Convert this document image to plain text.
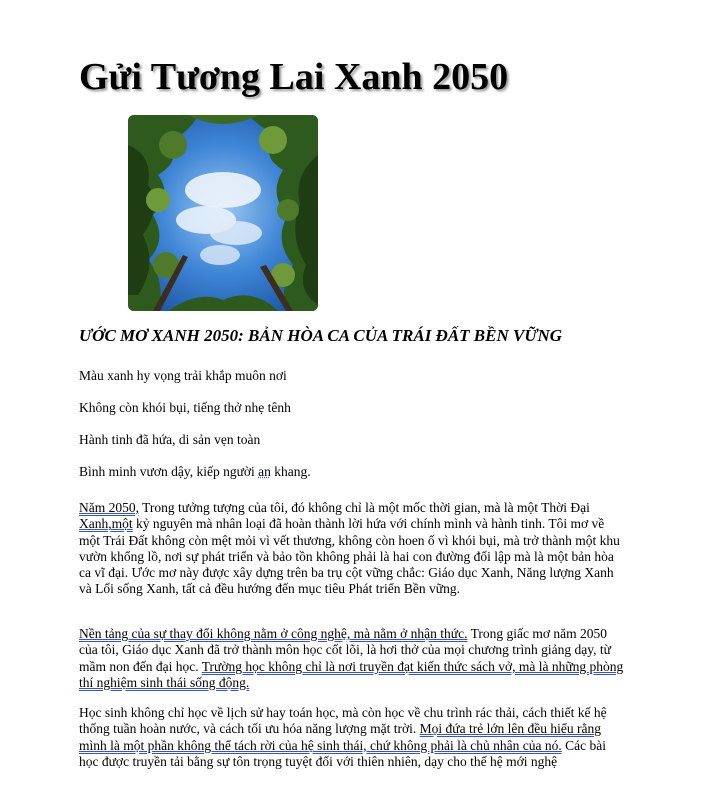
Gửi Tương Lai Xanh 2050
ƯỚC MƠ XANH 2050: BẢN HÒA CA CỦA TRÁI ĐẤT BỀN VỮNG
Màu xanh hy vọng trải khắp muôn nơi
Không còn khói bụi, tiếng thở nhẹ tênh
Hành tinh đã hứa, di sản vẹn toàn
Bình minh vươn dậy, kiếp người an khang.

Năm 2050, Trong tưởng tượng của tôi, đó không chỉ là một mốc thời gian, mà là một Thời Đại Xanh,một kỷ nguyên mà nhân loại đã hoàn thành lời hứa với chính mình và hành tinh. Tôi mơ về một Trái Đất không còn mệt mỏi vì vết thương, không còn hoen ố vì khói bụi, mà trở thành một khu vườn khổng lồ, nơi sự phát triển và bảo tồn không phải là hai con đường đối lập mà là một bản hòa ca vĩ đại. Ước mơ này được xây dựng trên ba trụ cột vững chắc: Giáo dục Xanh, Năng lượng Xanh và Lối sống Xanh, tất cả đều hướng đến mục tiêu Phát triển Bền vững.

Nền tảng của sự thay đổi không nằm ở công nghệ, mà nằm ở nhận thức. Trong giấc mơ năm 2050 của tôi, Giáo dục Xanh đã trở thành môn học cốt lõi, là hơi thở của mọi chương trình giảng dạy, từ mầm non đến đại học. Trường học không chỉ là nơi truyền đạt kiến thức sách vở, mà là những phòng thí nghiệm sinh thái sống động.

Học sinh không chỉ học về lịch sử hay toán học, mà còn học về chu trình rác thải, cách thiết kế hệ thống tuần hoàn nước, và cách tối ưu hóa năng lượng mặt trời. Mọi đứa trẻ lớn lên đều hiểu rằng mình là một phần không thể tách rời của hệ sinh thái, chứ không phải là chủ nhân của nó. Các bài học được truyền tải bằng sự tôn trọng tuyệt đối với thiên nhiên, dạy cho thế hệ mới nghệ
